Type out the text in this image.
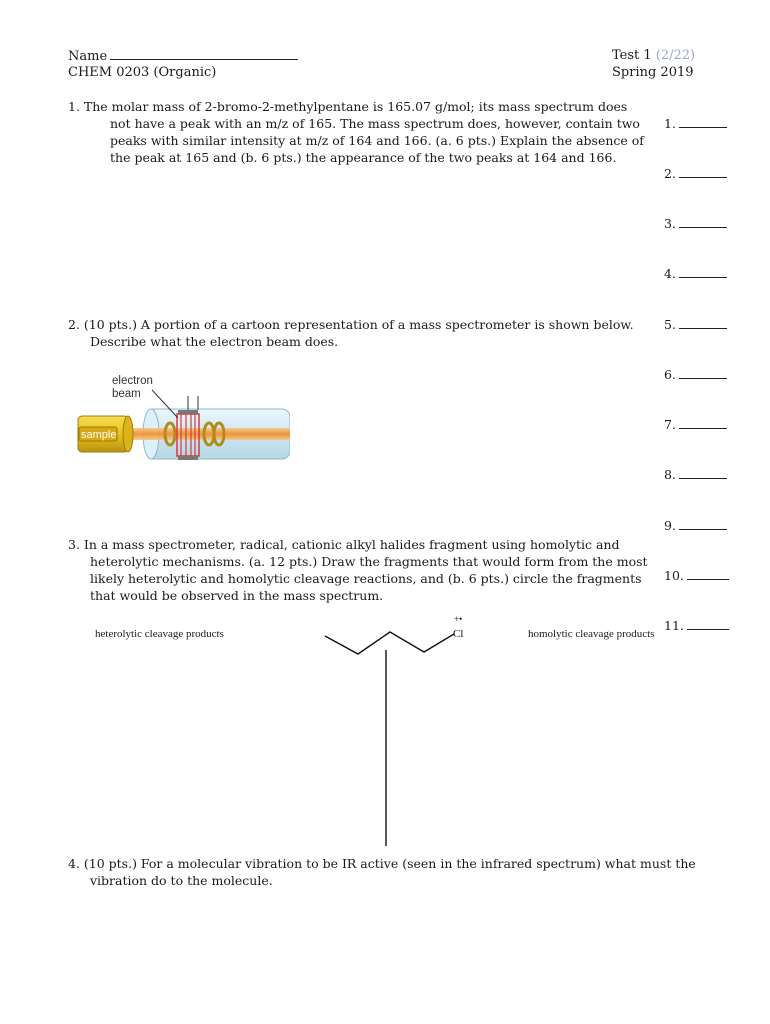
Name
CHEM 0203 (Organic)
Test 1 (2/22)
Spring 2019

1. The molar mass of 2-bromo-2-methylpentane is 165.07 g/mol; its mass spectrum does

not have a peak with an m/z of 165. The mass spectrum does, however, contain two peaks with similar intensity at m/z of 164 and 166. (a. 6 pts.) Explain the absence of the peak at 165 and (b. 6 pts.) the appearance of the two peaks at 164 and 166.

2. (10 pts.) A portion of a cartoon representation of a mass spectrometer is shown below.

Describe what the electron beam does.

sample
electron
beam

3. In a mass spectrometer, radical, cationic alkyl halides fragment using homolytic and

heterolytic mechanisms. (a. 12 pts.) Draw the fragments that would form from the most likely heterolytic and homolytic cleavage reactions, and (b. 6 pts.) circle the fragments that would be observed in the mass spectrum.

heterolytic cleavage products	homolytic cleavage products
+•
Cl

4. (10 pts.) For a molecular vibration to be IR active (seen in the infrared spectrum) what must the

vibration do to the molecule.

1.
2.
3.
4.
5.
6.
7.
8.
9.
10.
11.
